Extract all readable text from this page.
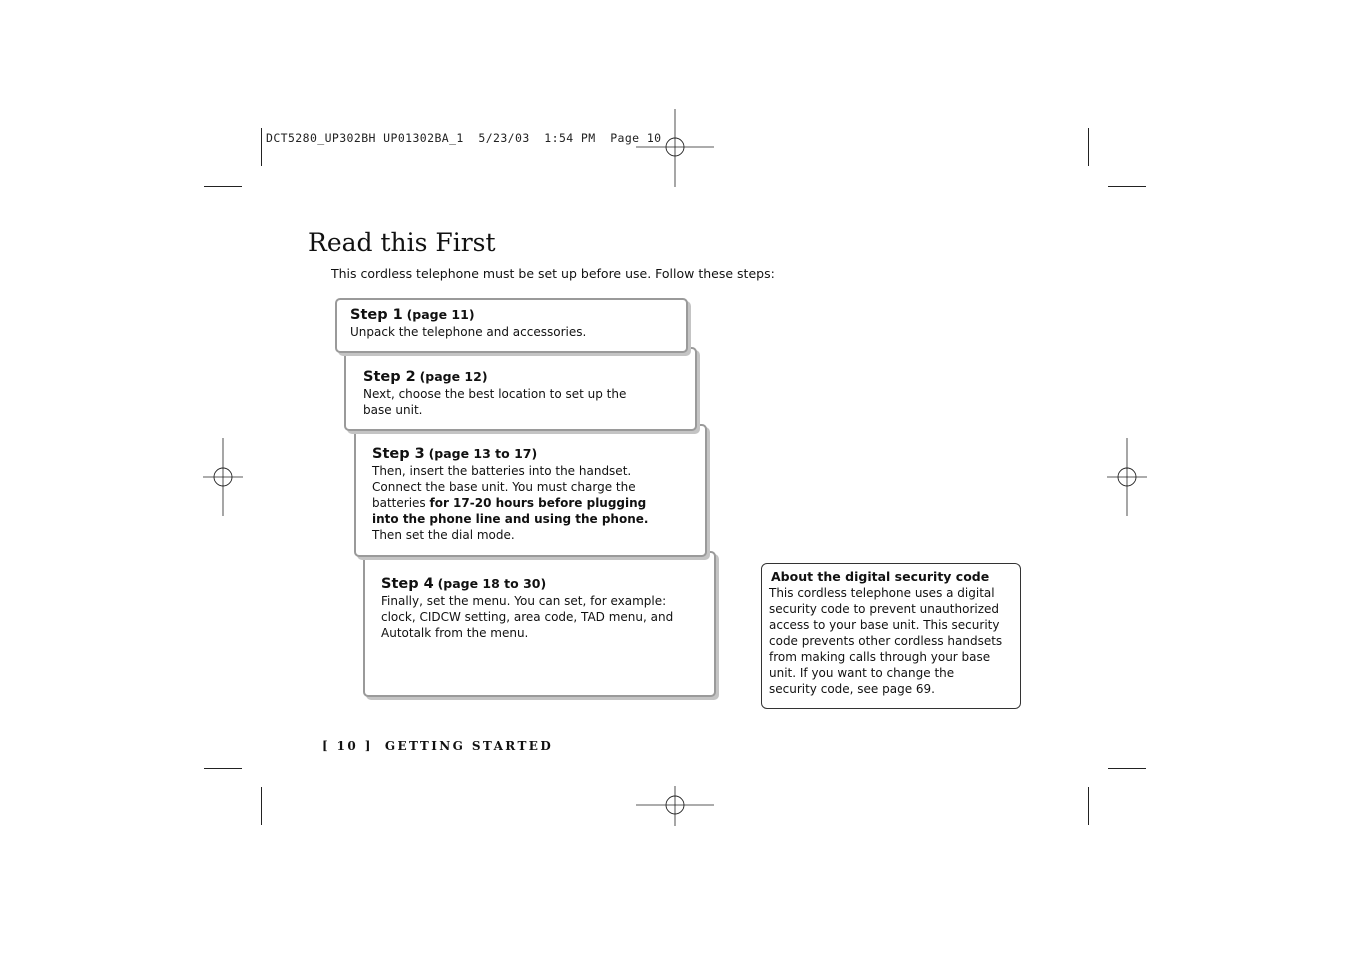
DCT5280_UP302BH UP01302BA_1  5/23/03  1:54 PM  Page 10
Read this First

This cordless telephone must be set up before use. Follow these steps:

Step 4 (page 18 to 30)

Finally, set the menu. You can set, for example:

clock, CIDCW setting, area code, TAD menu, and

Autotalk from the menu.

Step 3 (page 13 to 17)

Then, insert the batteries into the handset.

Connect the base unit. You must charge the

batteries for 17-20 hours before plugging

into the phone line and using the phone.

Then set the dial mode.

Step 2 (page 12)

Next, choose the best location to set up the

base unit.

Step 1 (page 11)

Unpack the telephone and accessories.

About the digital security code

This cordless telephone uses a digital

security code to prevent unauthorized

access to your base unit. This security

code prevents other cordless handsets

from making calls through your base

unit. If you want to change the

security code, see page 69.

[ 10 ] GETTING STARTED
